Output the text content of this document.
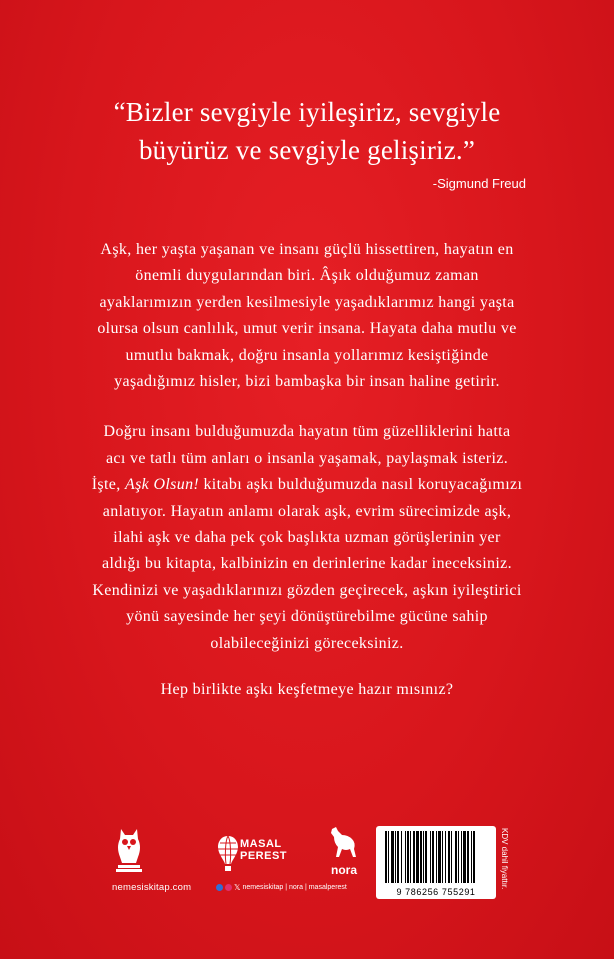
“Bizler sevgiyle iyileşiriz, sevgiyle
büyürüz ve sevgiyle gelişiriz.”
-Sigmund Freud
Aşk, her yaşta yaşanan ve insanı güçlü hissettiren, hayatın en
önemli duygularından biri. Âşık olduğumuz zaman
ayaklarımızın yerden kesilmesiyle yaşadıklarımız hangi yaşta
olursa olsun canlılık, umut verir insana. Hayata daha mutlu ve
umutlu bakmak, doğru insanla yollarımız kesiştiğinde
yaşadığımız hisler, bizi bambaşka bir insan haline getirir.
Doğru insanı bulduğumuzda hayatın tüm güzelliklerini hatta
acı ve tatlı tüm anları o insanla yaşamak, paylaşmak isteriz.
İşte, Aşk Olsun! kitabı aşkı bulduğumuzda nasıl koruyacağımızı
anlatıyor. Hayatın anlamı olarak aşk, evrim sürecimizde aşk,
ilahi aşk ve daha pek çok başlıkta uzman görüşlerinin yer
aldığı bu kitapta, kalbinizin en derinlerine kadar ineceksiniz.
Kendinizi ve yaşadıklarınızı gözden geçirecek, aşkın iyileştirici
yönü sayesinde her şeyi dönüştürebilme gücüne sahip
olabileceğinizi göreceksiniz.
Hep birlikte aşkı keşfetmeye hazır mısınız?
MASAL
PEREST
nora
nemesiskitap.com	𝕏 nemesiskitap | nora | masalperest	9 786256 755291
KDV dahil fiyattır.
